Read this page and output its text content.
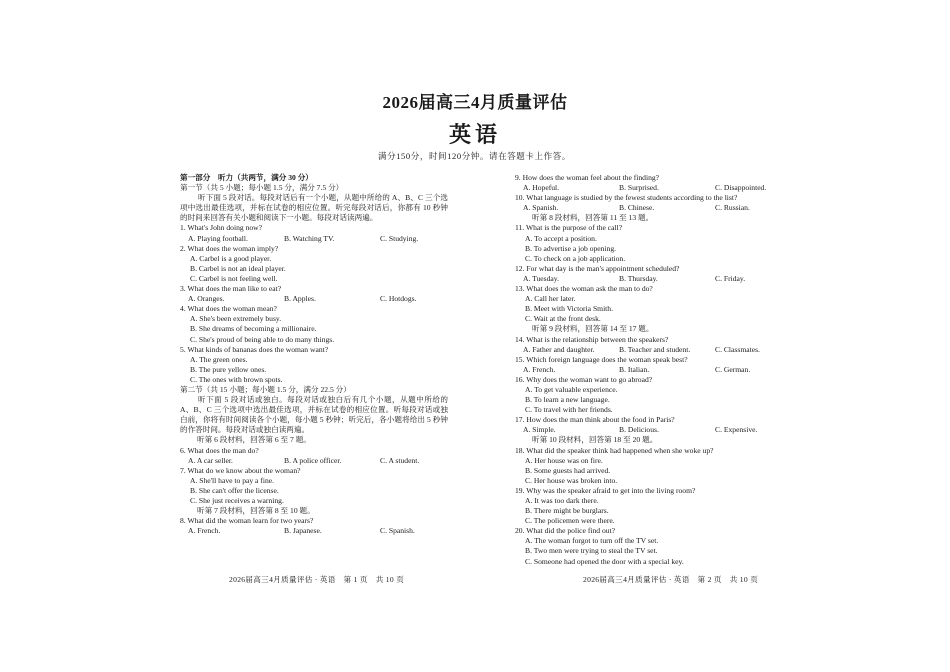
2026届高三4月质量评估
英语
满分150分，时间120分钟。请在答题卡上作答。
第一部分　听力（共两节，满分 30 分）
第一节（共 5 小题；每小题 1.5 分，满分 7.5 分）
听下面 5 段对话。每段对话后有一个小题，从题中所给的 A、B、C 三个选项中选出最佳选项，并标在试卷的相应位置。听完每段对话后，你都有 10 秒钟的时间来回答有关小题和阅读下一小题。每段对话读两遍。
1. What's John doing now?
A. Playing football.	B. Watching TV.	C. Studying.
2. What does the woman imply?
A. Carbel is a good player.
B. Carbel is not an ideal player.
C. Carbel is not feeling well.
3. What does the man like to eat?
A. Oranges.	B. Apples.	C. Hotdogs.
4. What does the woman mean?
A. She's been extremely busy.
B. She dreams of becoming a millionaire.
C. She's proud of being able to do many things.
5. What kinds of bananas does the woman want?
A. The green ones.
B. The pure yellow ones.
C. The ones with brown spots.
第二节（共 15 小题；每小题 1.5 分，满分 22.5 分）
听下面 5 段对话或独白。每段对话或独白后有几个小题，从题中所给的 A、B、C 三个选项中选出最佳选项，并标在试卷的相应位置。听每段对话或独白前，你将有时间阅读各个小题，每小题 5 秒钟；听完后，各小题将给出 5 秒钟的作答时间。每段对话或独白读两遍。
听第 6 段材料，回答第 6 至 7 题。
6. What does the man do?
A. A car seller.	B. A police officer.	C. A student.
7. What do we know about the woman?
A. She'll have to pay a fine.
B. She can't offer the license.
C. She just receives a warning.
听第 7 段材料，回答第 8 至 10 题。
8. What did the woman learn for two years?
A. French.	B. Japanese.	C. Spanish.
9. How does the woman feel about the finding?
A. Hopeful.	B. Surprised.	C. Disappointed.
10. What language is studied by the fewest students according to the list?
A. Spanish.	B. Chinese.	C. Russian.
听第 8 段材料，回答第 11 至 13 题。
11. What is the purpose of the call?
A. To accept a position.
B. To advertise a job opening.
C. To check on a job application.
12. For what day is the man's appointment scheduled?
A. Tuesday.	B. Thursday.	C. Friday.
13. What does the woman ask the man to do?
A. Call her later.
B. Meet with Victoria Smith.
C. Wait at the front desk.
听第 9 段材料，回答第 14 至 17 题。
14. What is the relationship between the speakers?
A. Father and daughter.	B. Teacher and student.	C. Classmates.
15. Which foreign language does the woman speak best?
A. French.	B. Italian.	C. German.
16. Why does the woman want to go abroad?
A. To get valuable experience.
B. To learn a new language.
C. To travel with her friends.
17. How does the man think about the food in Paris?
A. Simple.	B. Delicious.	C. Expensive.
听第 10 段材料，回答第 18 至 20 题。
18. What did the speaker think had happened when she woke up?
A. Her house was on fire.
B. Some guests had arrived.
C. Her house was broken into.
19. Why was the speaker afraid to get into the living room?
A. It was too dark there.
B. There might be burglars.
C. The policemen were there.
20. What did the police find out?
A. The woman forgot to turn off the TV set.
B. Two men were trying to steal the TV set.
C. Someone had opened the door with a special key.
2026届高三4月质量评估 · 英语　第 1 页　共 10 页	2026届高三4月质量评估 · 英语　第 2 页　共 10 页
